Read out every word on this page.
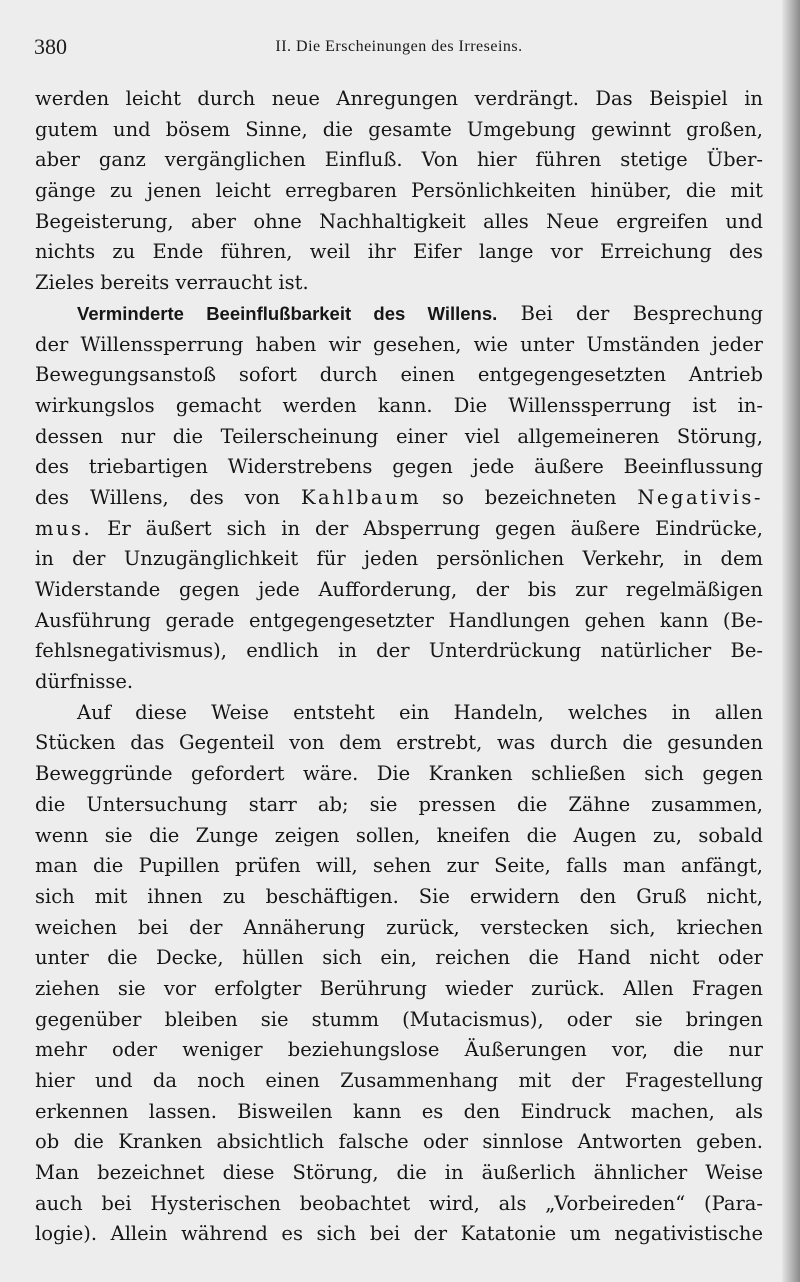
380	II. Die Erscheinungen des Irreseins.
werden leicht durch neue Anregungen verdrängt. Das Beispiel in
gutem und bösem Sinne, die gesamte Umgebung gewinnt großen,
aber ganz vergänglichen Einfluß. Von hier führen stetige Über-
gänge zu jenen leicht erregbaren Persönlichkeiten hinüber, die mit
Begeisterung, aber ohne Nachhaltigkeit alles Neue ergreifen und
nichts zu Ende führen, weil ihr Eifer lange vor Erreichung des
Zieles bereits verraucht ist.
Verminderte Beeinflußbarkeit des Willens. Bei der Besprechung
der Willenssperrung haben wir gesehen, wie unter Umständen jeder
Bewegungsanstoß sofort durch einen entgegengesetzten Antrieb
wirkungslos gemacht werden kann. Die Willenssperrung ist in-
dessen nur die Teilerscheinung einer viel allgemeineren Störung,
des triebartigen Widerstrebens gegen jede äußere Beeinflussung
des Willens, des von Kahlbaum so bezeichneten Negativis-
mus. Er äußert sich in der Absperrung gegen äußere Eindrücke,
in der Unzugänglichkeit für jeden persönlichen Verkehr, in dem
Widerstande gegen jede Aufforderung, der bis zur regelmäßigen
Ausführung gerade entgegengesetzter Handlungen gehen kann (Be-
fehlsnegativismus), endlich in der Unterdrückung natürlicher Be-
dürfnisse.
Auf diese Weise entsteht ein Handeln, welches in allen
Stücken das Gegenteil von dem erstrebt, was durch die gesunden
Beweggründe gefordert wäre. Die Kranken schließen sich gegen
die Untersuchung starr ab; sie pressen die Zähne zusammen,
wenn sie die Zunge zeigen sollen, kneifen die Augen zu, sobald
man die Pupillen prüfen will, sehen zur Seite, falls man anfängt,
sich mit ihnen zu beschäftigen. Sie erwidern den Gruß nicht,
weichen bei der Annäherung zurück, verstecken sich, kriechen
unter die Decke, hüllen sich ein, reichen die Hand nicht oder
ziehen sie vor erfolgter Berührung wieder zurück. Allen Fragen
gegenüber bleiben sie stumm (Mutacismus), oder sie bringen
mehr oder weniger beziehungslose Äußerungen vor, die nur
hier und da noch einen Zusammenhang mit der Fragestellung
erkennen lassen. Bisweilen kann es den Eindruck machen, als
ob die Kranken absichtlich falsche oder sinnlose Antworten geben.
Man bezeichnet diese Störung, die in äußerlich ähnlicher Weise
auch bei Hysterischen beobachtet wird, als „Vorbeireden“ (Para-
logie). Allein während es sich bei der Katatonie um negativistische
